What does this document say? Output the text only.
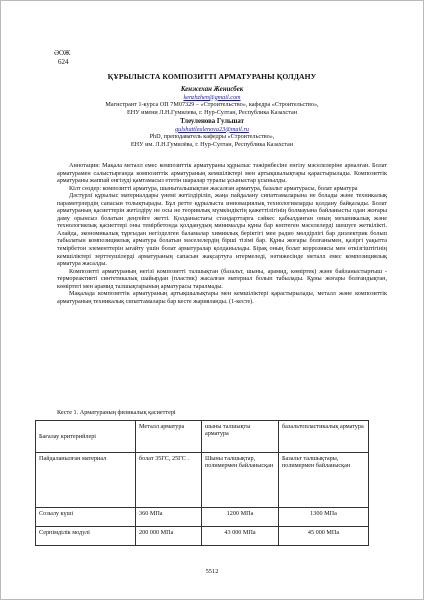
ӘОЖ
624
ҚҰРЫЛЫСТА КОМПОЗИТТІ АРМАТУРАНЫ ҚОЛДАНУ
Кенжехан Женисбек
kenzhzhen@gmail.com
Магистрант 1-курса ОП 7М07329 – «Строительство», кафедра «Строительство»,
ЕНУ имени Л.Н.Гумилева, г. Нур-Султан, Республика Казахстан
Тлеуленова Гульшат
gulshattleulenova23@mail.ru
PhD, преподаватель кафедры «Строительство»,
ЕНУ им. Л.Н.Гумилёва, г. Нур-Султан, Республика Казахстан

Аннотация: Мақала металл емес композиттік арматураны құрылыс тәжірибесіне енгізу мәселелеріне арналған. Болат арматурамен салыстырғанда композиттік арматураның кемшіліктері мен артықшылықтары қарастырылады. Композиттік арматураны жаппай енгізуді қамтамасыз ететін шаралар туралы ұсыныстар ұсынылды.

Кілт сөздер: композитті арматура, шынытальшықтан жасалған арматура, базальт арматурасы, болат арматура

Дәстүрлі құрылыс материалдары үнемі жетілдіріліп, жаңа пайдалану сипаттамаларына не болады және техникалық параметрлердің сапасын толықтырады. Бұл ретте құрылыста инновациялық технологияларды қолдану байқалады. Болат арматураның қасиеттерін жетілдіру не осы не теориялық мүмкіндіктің қажеттілігінің болмауына байланысты одан жоғары даму орынсыз болатын деңгейге жетті. Қолданыстағы стандарттарға сәйкес қабылданған оның механикалық және технологиялық қасиеттері оны темірбетонда қолданудың минималды құны бар көптеген мәселелерді шешуге жеткілікті. Алайда, экономикалық тұрғыдан негізделген баламалар химиялық беріктігі мен радио мөлдірлігі бар диэлектрик болып табылатын композициялық арматура болатын мәселелердің бірші тізімі бар. Құны жоғары болғанымен, қазіргі уақытта темірбетон элементтерін ығайту үшін болат арматуралар қолданылады. Бірақ оның болат коррозиясы мен өткізгіштігінің кемшіліктері зерттеушілерді арматураның сапасын жақсартуға итермеледі, нәтижесінде металл емес композициялық арматура жасалды.

Композитті арматураның негізі композитті талшықтан (базальт, шыны, арамид, көміртек) және байланыстырғыш - термореактивті синтетикалық шайырдан (пластик) жасалған материал болып табылады. Құны жоғары болғандықтан, көміртегі мен арамид талшықтарының арматурасы таралмады.

Мақалада композиттік арматураның артықшылықтары мен кемшіліктері қарастырылады, металл және композиттік арматураның техникалық сипаттамалары бар кесте жарияланды. (1-кесте).

Кесте 1. Арматураның физикалық қасиеттері
Бағалау критерийлері	Металл арматура	шыны талшықты арматура	базальтопластикалық арматура
Пайдаланылған материал	болат 35ГС, 25ГС .	Шыны талшықтар, полимермен байланысқан	Базальт талшықтары, полимермен байланысқан
Созылу күші	360 МПа	1200 МПа	1300 МПа
Серпімділік модулі	200 000 МПа	43 000 МПа	45 000 МПа
5512
